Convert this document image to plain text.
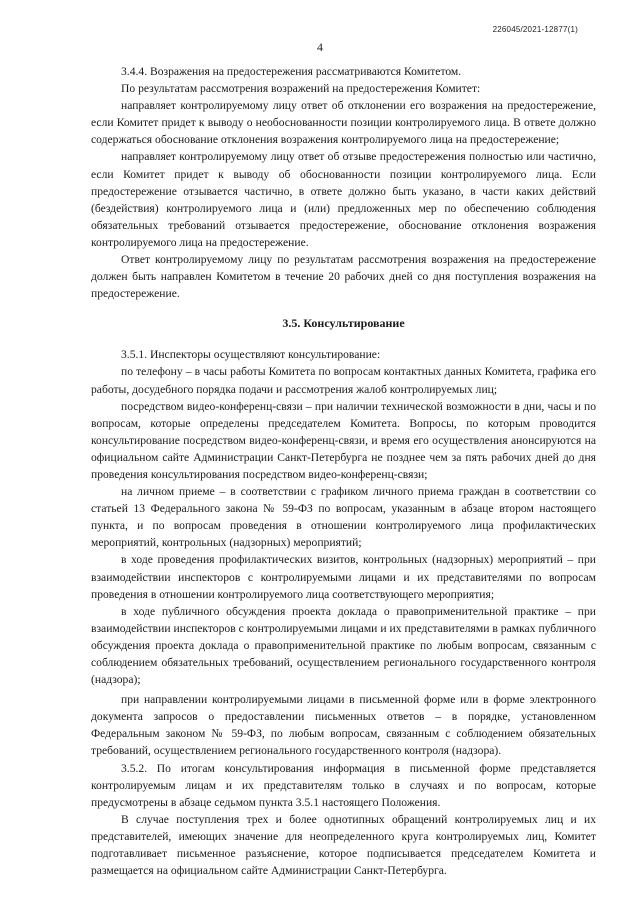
226045/2021-12877(1)
4

3.4.4. Возражения на предостережения рассматриваются Комитетом.

По результатам рассмотрения возражений на предостережения Комитет:

направляет контролируемому лицу ответ об отклонении его возражения на предостережение, если Комитет придет к выводу о необоснованности позиции контролируемого лица. В ответе должно содержаться обоснование отклонения возражения контролируемого лица на предостережение;

направляет контролируемому лицу ответ об отзыве предостережения полностью или частично, если Комитет придет к выводу об обоснованности позиции контролируемого лица. Если предостережение отзывается частично, в ответе должно быть указано, в части каких действий (бездействия) контролируемого лица и (или) предложенных мер по обеспечению соблюдения обязательных требований отзывается предостережение, обоснование отклонения возражения контролируемого лица на предостережение.

Ответ контролируемому лицу по результатам рассмотрения возражения на предостережение должен быть направлен Комитетом в течение 20 рабочих дней со дня поступления возражения на предостережение.

3.5. Консультирование

3.5.1. Инспекторы осуществляют консультирование:

по телефону – в часы работы Комитета по вопросам контактных данных Комитета, графика его работы, досудебного порядка подачи и рассмотрения жалоб контролируемых лиц;

посредством видео-конференц-связи – при наличии технической возможности в дни, часы и по вопросам, которые определены председателем Комитета. Вопросы, по которым проводится консультирование посредством видео-конференц-связи, и время его осуществления анонсируются на официальном сайте Администрации Санкт-Петербурга не позднее чем за пять рабочих дней до дня проведения консультирования посредством видео-конференц-связи;

на личном приеме – в соответствии с графиком личного приема граждан в соответствии со статьей 13 Федерального закона № 59-ФЗ по вопросам, указанным в абзаце втором настоящего пункта, и по вопросам проведения в отношении контролируемого лица профилактических мероприятий, контрольных (надзорных) мероприятий;

в ходе проведения профилактических визитов, контрольных (надзорных) мероприятий – при взаимодействии инспекторов с контролируемыми лицами и их представителями по вопросам проведения в отношении контролируемого лица соответствующего мероприятия;

в ходе публичного обсуждения проекта доклада о правоприменительной практике – при взаимодействии инспекторов с контролируемыми лицами и их представителями в рамках публичного обсуждения проекта доклада о правоприменительной практике по любым вопросам, связанным с соблюдением обязательных требований, осуществлением регионального государственного контроля (надзора);

при направлении контролируемыми лицами в письменной форме или в форме электронного документа запросов о предоставлении письменных ответов – в порядке, установленном Федеральным законом № 59-ФЗ, по любым вопросам, связанным с соблюдением обязательных требований, осуществлением регионального государственного контроля (надзора).

3.5.2. По итогам консультирования информация в письменной форме представляется контролируемым лицам и их представителям только в случаях и по вопросам, которые предусмотрены в абзаце седьмом пункта 3.5.1 настоящего Положения.

В случае поступления трех и более однотипных обращений контролируемых лиц и их представителей, имеющих значение для неопределенного круга контролируемых лиц, Комитет подготавливает письменное разъяснение, которое подписывается председателем Комитета и размещается на официальном сайте Администрации Санкт-Петербурга.
